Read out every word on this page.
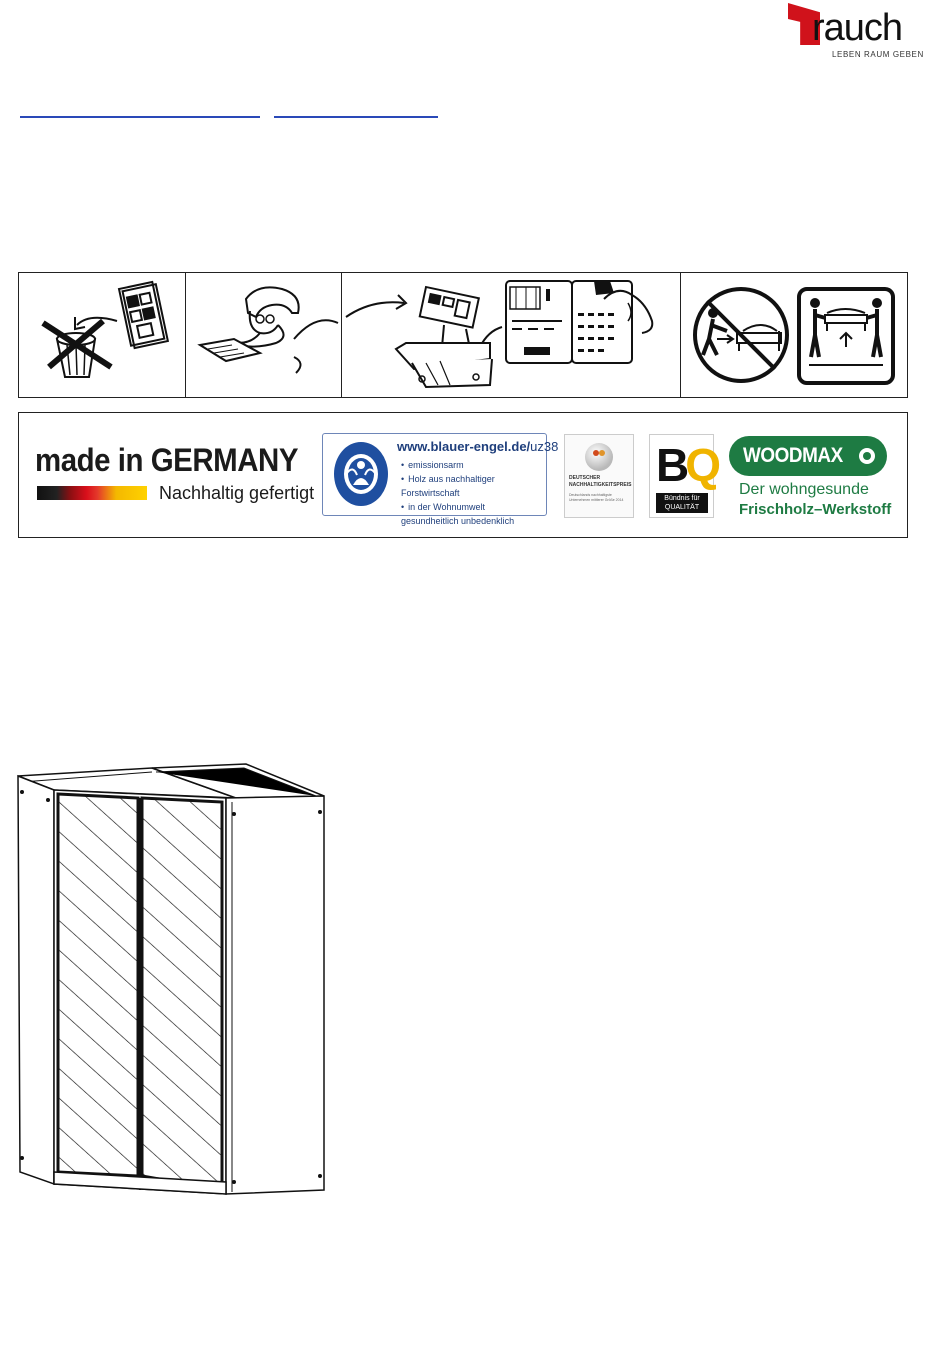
rauch
LEBEN RAUM GEBEN
made in GERMANY
Nachhaltig gefertigt
www.blauer-engel.de/uz38
• emissionsarm
• Holz aus nachhaltiger Forstwirtschaft
• in der Wohnumwelt gesundheitlich unbedenklich
DEUTSCHER NACHHALTIGKEITSPREIS
Deutschlands nachhaltigste Unternehmen mittlerer Größe 2014
BQ
Bündnis für
QUALITÄT
WOODMAX
Der wohngesunde
Frischholz–Werkstoff
